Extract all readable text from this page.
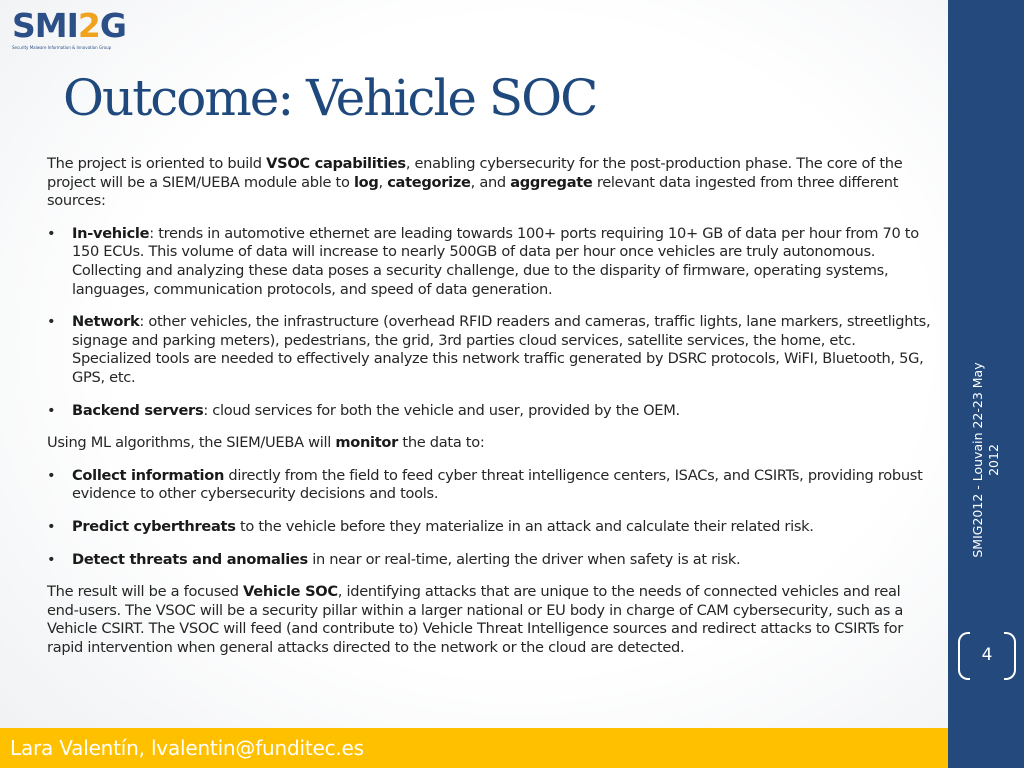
SMI2G
Security Malware Information & Innovation Group
Outcome: Vehicle SOC

The project is oriented to build VSOC capabilities, enabling cybersecurity for the post-production phase. The core of the project will be a SIEM/UEBA module able to log, categorize, and aggregate relevant data ingested from three different sources:

• In-vehicle: trends in automotive ethernet are leading towards 100+ ports requiring 10+ GB of data per hour from 70 to 150 ECUs. This volume of data will increase to nearly 500GB of data per hour once vehicles are truly autonomous. Collecting and analyzing these data poses a security challenge, due to the disparity of firmware, operating systems, languages, communication protocols, and speed of data generation.
• Network: other vehicles, the infrastructure (overhead RFID readers and cameras, traffic lights, lane markers, streetlights, signage and parking meters), pedestrians, the grid, 3rd parties cloud services, satellite services, the home, etc. Specialized tools are needed to effectively analyze this network traffic generated by DSRC protocols, WiFI, Bluetooth, 5G, GPS, etc.
• Backend servers: cloud services for both the vehicle and user, provided by the OEM.

Using ML algorithms, the SIEM/UEBA will monitor the data to:

• Collect information directly from the field to feed cyber threat intelligence centers, ISACs, and CSIRTs, providing robust evidence to other cybersecurity decisions and tools.
• Predict cyberthreats to the vehicle before they materialize in an attack and calculate their related risk.
• Detect threats and anomalies in near or real-time, alerting the driver when safety is at risk.

The result will be a focused Vehicle SOC, identifying attacks that are unique to the needs of connected vehicles and real end-users. The VSOC will be a security pillar within a larger national or EU body in charge of CAM cybersecurity, such as a Vehicle CSIRT. The VSOC will feed (and contribute to) Vehicle Threat Intelligence sources and redirect attacks to CSIRTs for rapid intervention when general attacks directed to the network or the cloud are detected.

SMIG2012 - Louvain 22-23 May 2012
4
Lara Valentín, lvalentin@funditec.es
